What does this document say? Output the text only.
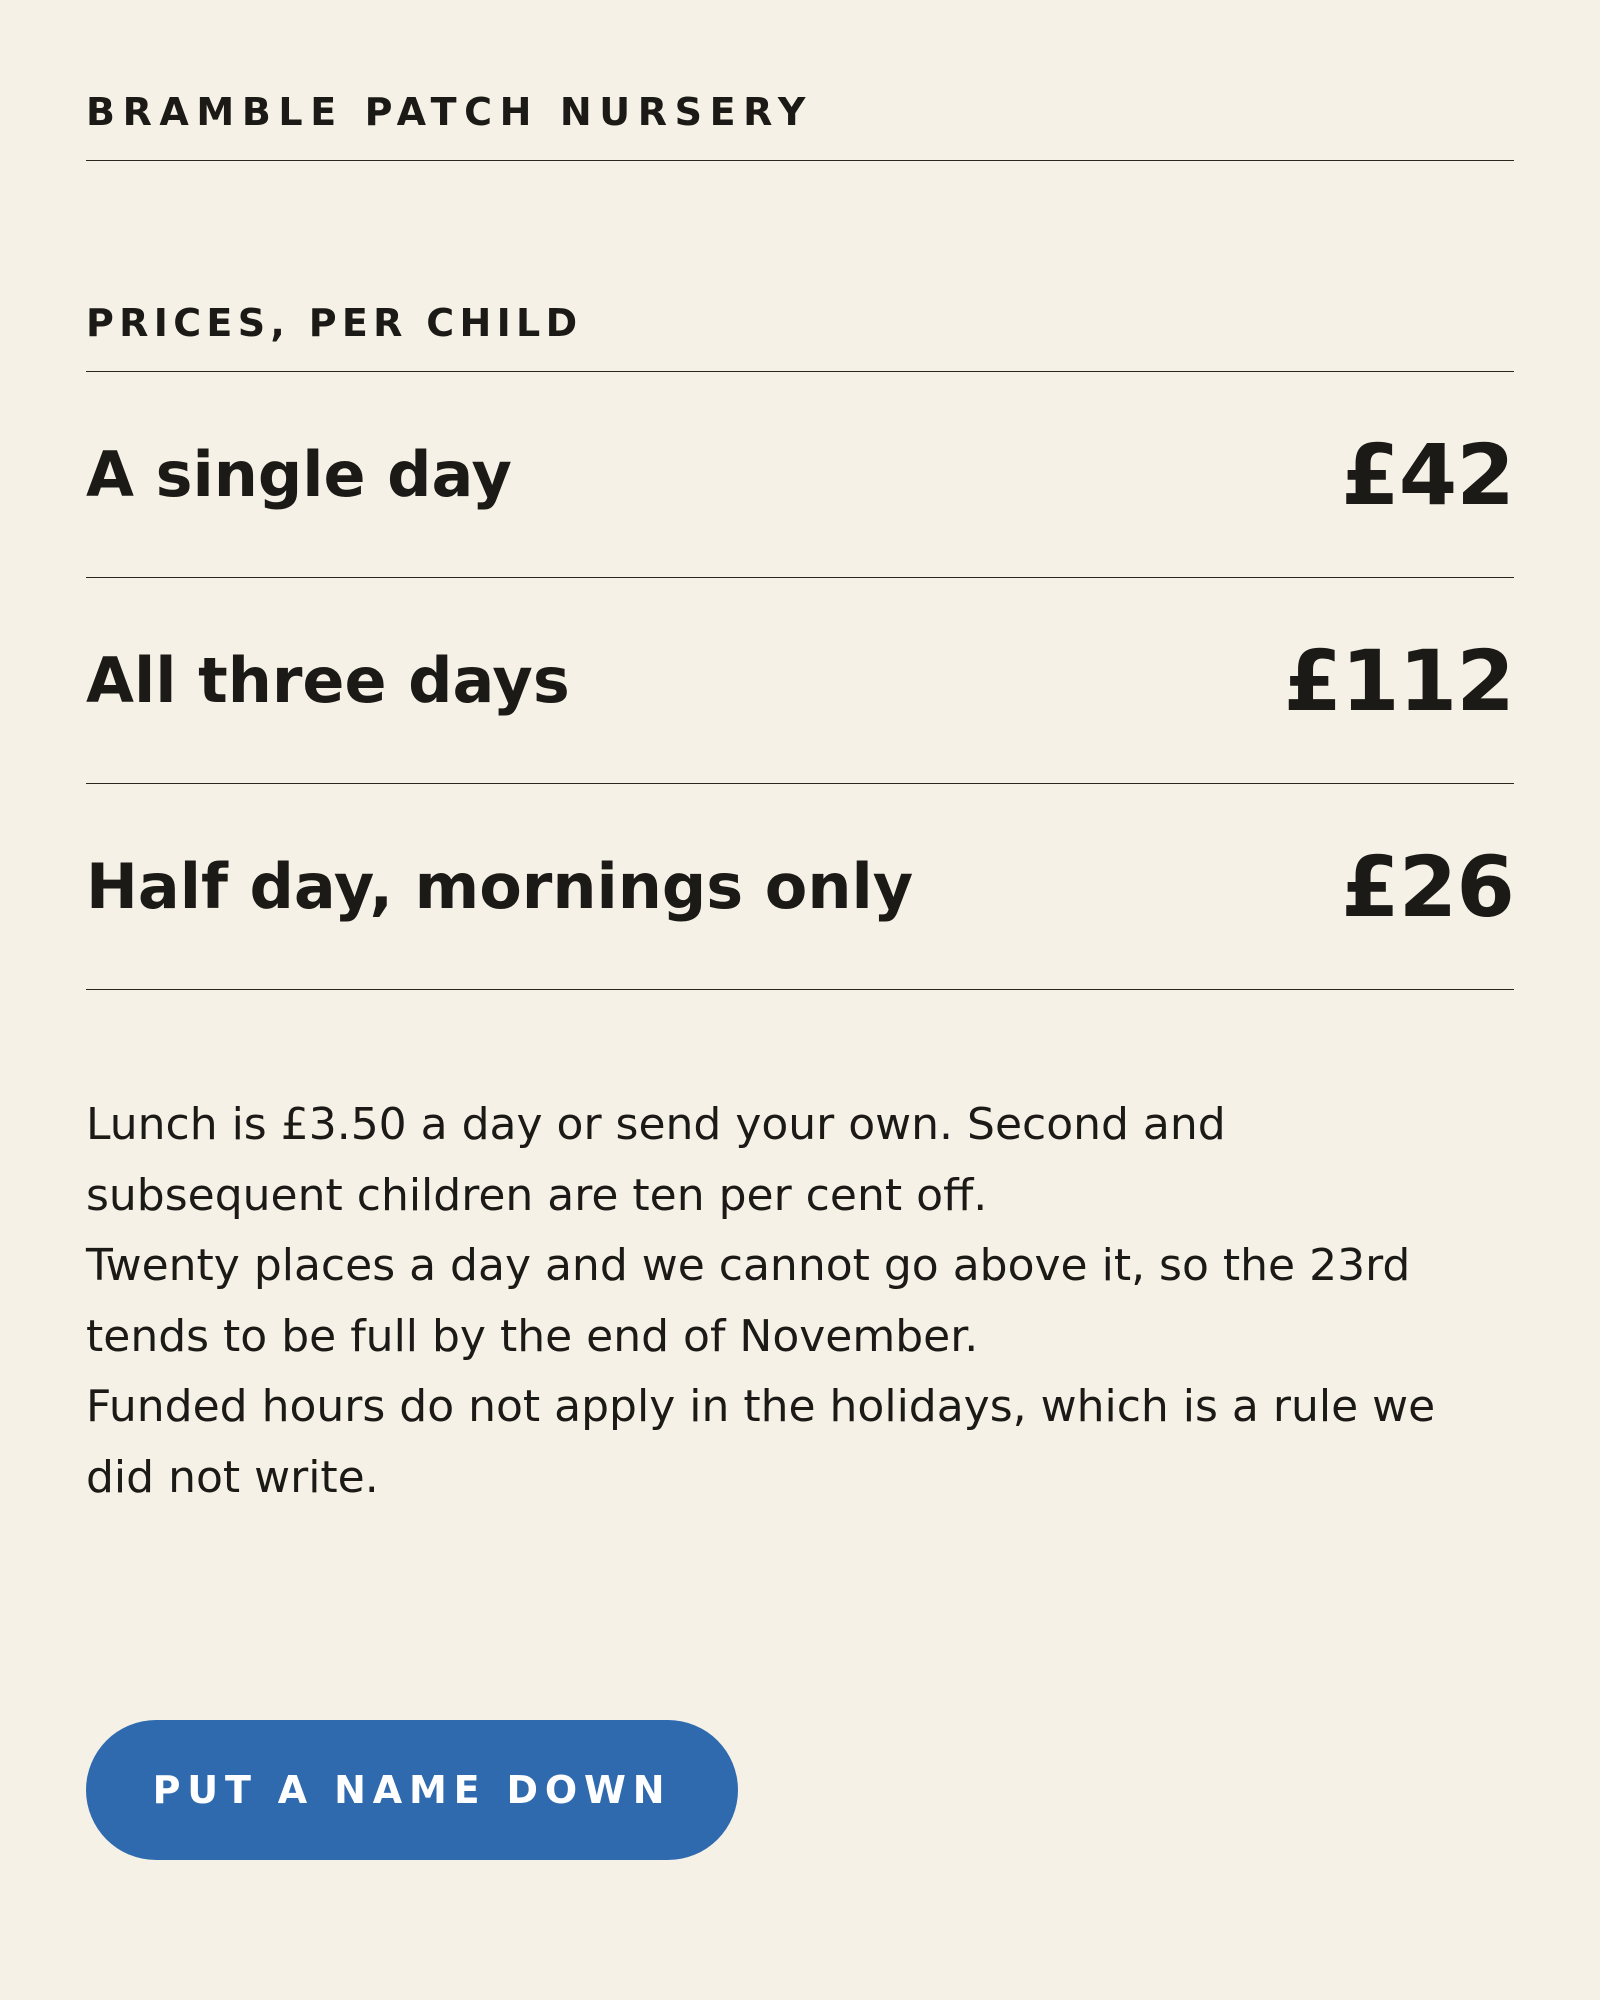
BRAMBLE PATCH NURSERY
PRICES, PER CHILD
A single day	£42
All three days	£112
Half day, mornings only	£26

Lunch is £3.50 a day or send your own. Second and subsequent children are ten per cent off.

Twenty places a day and we cannot go above it, so the 23rd tends to be full by the end of November.

Funded hours do not apply in the holidays, which is a rule we did not write.

PUT A NAME DOWN
